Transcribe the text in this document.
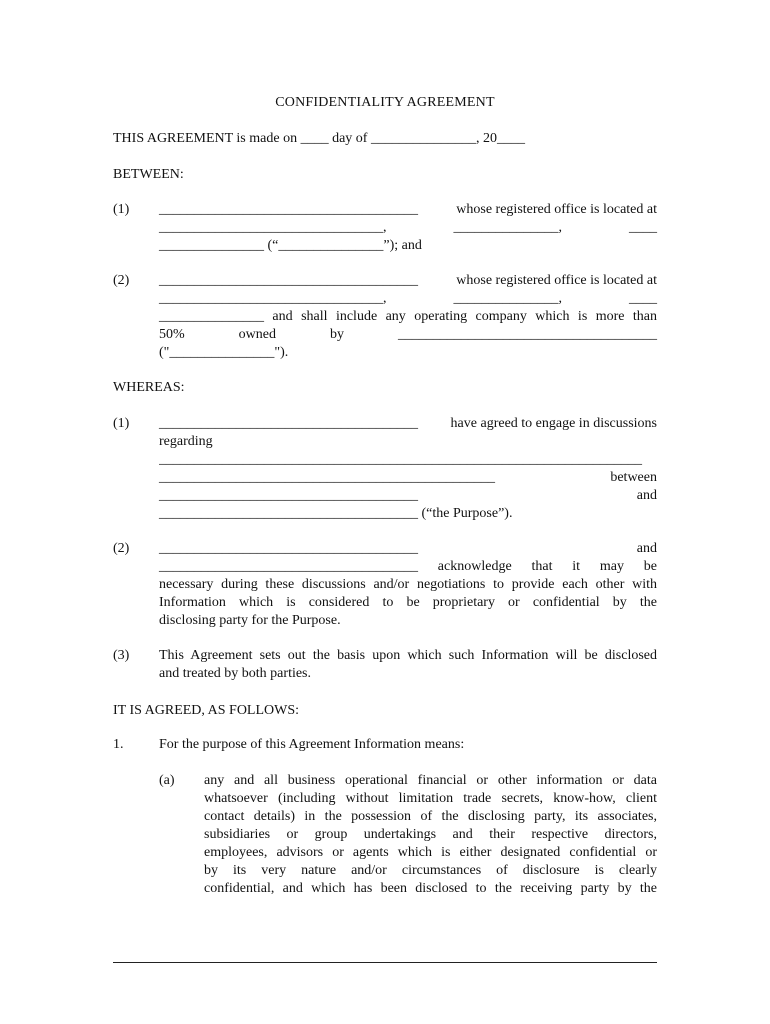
CONFIDENTIALITY AGREEMENT
THIS AGREEMENT is made on ____ day of _______________, 20____
BETWEEN:
(1) _____________________________________	whose registered office is located at
________________________________,	_______________,	____
_______________ (“_______________”); and
(2) _____________________________________	whose registered office is located at
________________________________,	_______________,	____
_______________ and shall include any operating company which is more than
50%	owned	by	_____________________________________
("_______________").
WHEREAS:
(1) _____________________________________ have agreed to engage in discussions
regarding
_____________________________________________________________________
________________________________________________	between
_____________________________________	and
_____________________________________ (“the Purpose”).
(2) _____________________________________	and
_____________________________________ acknowledge that it may be
necessary during these discussions and/or negotiations to provide each other with
Information which is considered to be proprietary or confidential by the
disclosing party for the Purpose.
(3) This Agreement sets out the basis upon which such Information will be disclosed
and treated by both parties.
IT IS AGREED, AS FOLLOWS:
1.	For the purpose of this Agreement Information means:
(a) any and all business operational financial or other information or data
whatsoever (including without limitation trade secrets, know-how, client
contact details) in the possession of the disclosing party, its associates,
subsidiaries or group undertakings and their respective directors,
employees, advisors or agents which is either designated confidential or
by its very nature and/or circumstances of disclosure is clearly
confidential, and which has been disclosed to the receiving party by the
